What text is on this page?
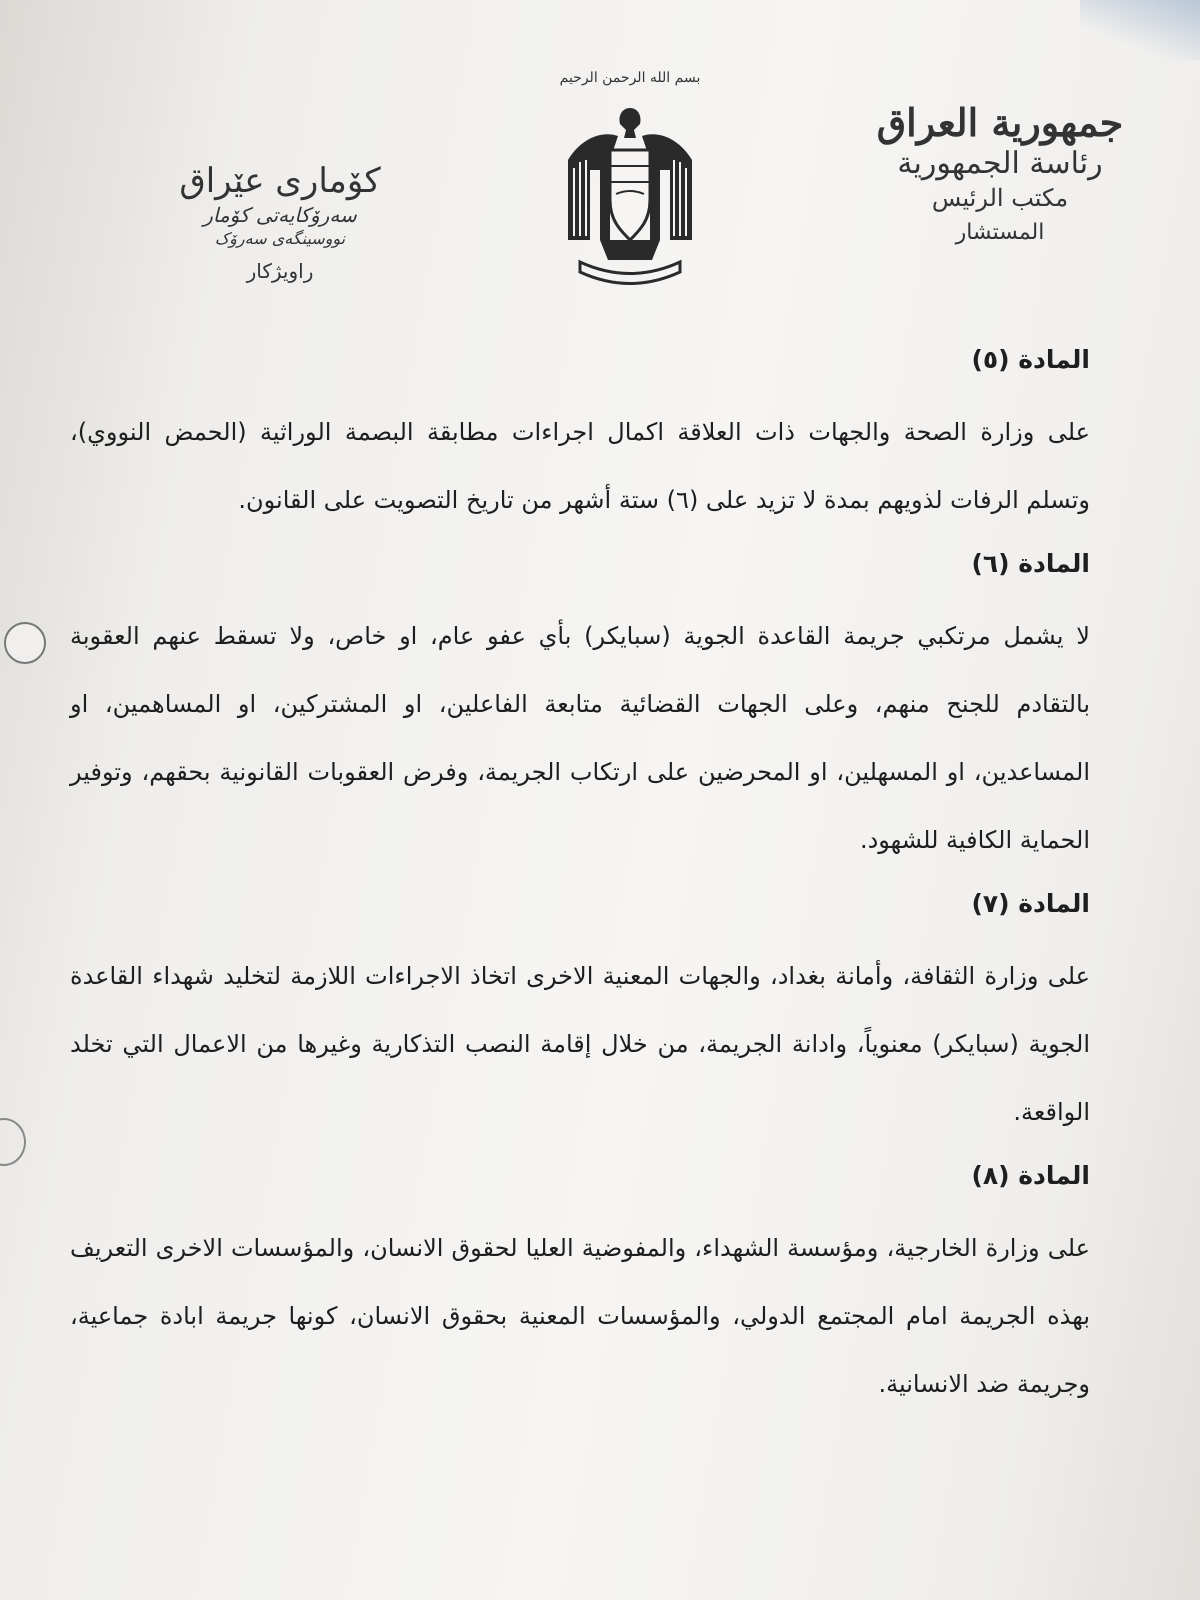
جمهورية العراق
رئاسة الجمهورية
مكتب الرئيس
المستشار
بسم الله الرحمن الرحيم
كۆماری عێراق
سەرۆکایەتی کۆمار
نووسینگەی سەرۆک
راویژكار
المادة (٥)

على وزارة الصحة والجهات ذات العلاقة اكمال اجراءات مطابقة البصمة الوراثية (الحمض النووي)، وتسلم الرفات لذويهم بمدة لا تزيد على (٦) ستة أشهر من تاريخ التصويت على القانون.

المادة (٦)

لا يشمل مرتكبي جريمة القاعدة الجوية (سبايكر) بأي عفو عام، او خاص، ولا تسقط عنهم العقوبة بالتقادم للجنح منهم، وعلى الجهات القضائية متابعة الفاعلين، او المشتركين، او المساهمين، او المساعدين، او المسهلين، او المحرضين على ارتكاب الجريمة، وفرض العقوبات القانونية بحقهم، وتوفير الحماية الكافية للشهود.

المادة (٧)

على وزارة الثقافة، وأمانة بغداد، والجهات المعنية الاخرى اتخاذ الاجراءات اللازمة لتخليد شهداء القاعدة الجوية (سبايكر) معنوياً، وادانة الجريمة، من خلال إقامة النصب التذكارية وغيرها من الاعمال التي تخلد الواقعة.

المادة (٨)

على وزارة الخارجية، ومؤسسة الشهداء، والمفوضية العليا لحقوق الانسان، والمؤسسات الاخرى التعريف بهذه الجريمة امام المجتمع الدولي، والمؤسسات المعنية بحقوق الانسان، كونها جريمة ابادة جماعية، وجريمة ضد الانسانية.
